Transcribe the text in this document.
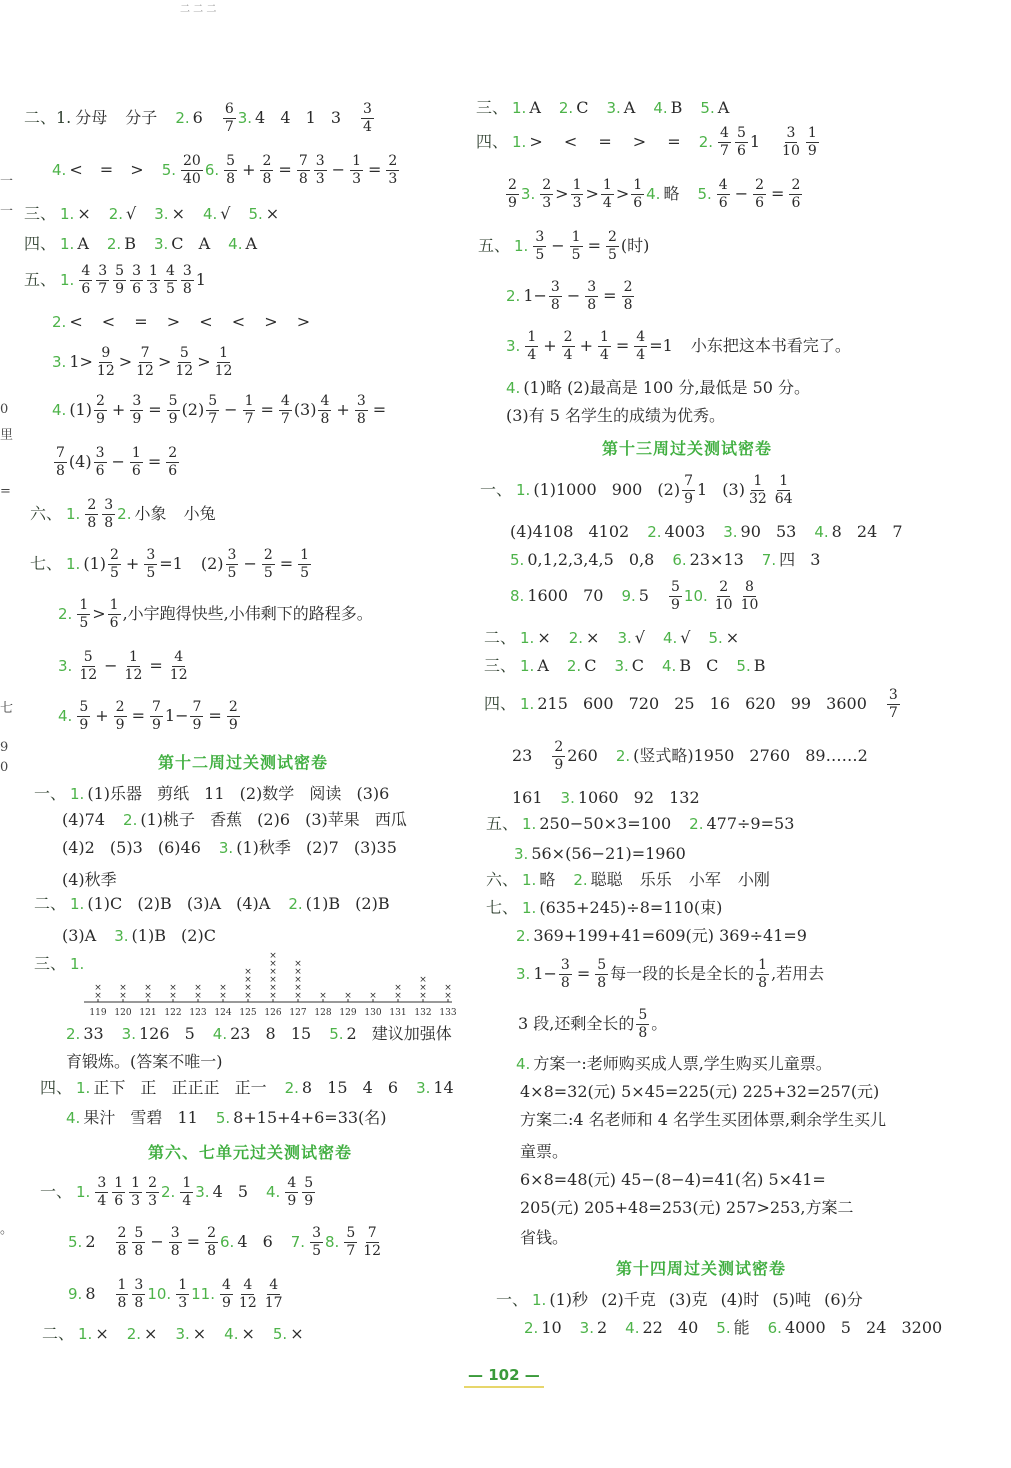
二 二 二
一
一
0
里
=
七
9
0
。
二、1. 分母 分子 2. $6 \frac{6}{7} 3$. 4 4 1 $3 \frac{3}{4}$
4. < = > 5. $\frac{20}{40} 6$. $\frac{5}{8} + \frac{2}{8} = \frac{7}{8} \frac{3}{3} - \frac{1}{3} = \frac{2}{3}$
三、 1. × 2. √ 3. × 4. √ 5. ×
四、 1. A 2. B 3. C A 4. A
五、 1. $\frac{4}{6} \frac{3}{7} \frac{5}{9} \frac{3}{6} \frac{1}{3} \frac{4}{5} \frac{3}{8} 1$
2. < < = > < < > >
3. $1> \frac{9}{12} > \frac{7}{12} > \frac{5}{12} > \frac{1}{12}$
4. $(1) \frac{2}{9} + \frac{3}{9} = \frac{5}{9} (2) \frac{5}{7} - \frac{1}{7} = \frac{4}{7} (3) \frac{4}{8} + \frac{3}{8}$ =
$\frac{7}{8} (4) \frac{3}{6} - \frac{1}{6} = \frac{2}{6}$
六、 1. $\frac{2}{8} \frac{3}{8} 2$. 小象 小兔
七、 1. $(1) \frac{2}{5} + \frac{3}{5} =1$ $(2) \frac{3}{5} - \frac{2}{5} = \frac{1}{5}$
2. $\frac{1}{5} > \frac{1}{6}$ ,小宇跑得快些,小伟剩下的路程多。
3. $\frac{5}{12} - \frac{1}{12} = \frac{4}{12}$
4. $\frac{5}{9} + \frac{2}{9} = \frac{7}{9} 1- \frac{7}{9} = \frac{2}{9}$
第十二周过关测试密卷
一、 1. (1)乐器 剪纸 11 (2)数学 阅读 (3)6
(4)74 2. (1)桃子 香蕉 (2)6 (3)苹果 西瓜
(4)2 (5)3 (6)46 3. (1)秋季 (2)7 (3)35
(4)秋季
二、 1. (1)C (2)B (3)A (4)A 2. (1)B (2)B
(3)A 3. (1)B (2)C
三、 1.
119
×
×
120
×
×
121
×
×
122
×
×
123
×
×
124
×
×
125
×
×
×
×
126
×
×
×
×
×
×
127
×
×
×
×
×
128
×
129
×
130
×
131
×
×
132
×
×
×
133
×
×
2. 33 3. 126 5 4. 23 8 15 5. 2 建议加强体
育锻炼。(答案不唯一)
四、 1. 正下 正 正正正 正一 2. 8 15 4 6 3. 14
4. 果汁 雪碧 11 5. 8+15+4+6=33(名)
第六、七单元过关测试密卷
一、 1. $\frac{3}{4} \frac{1}{6} \frac{1}{3} \frac{2}{3} 2$. $\frac{1}{4} 3$. 4 5 4. $\frac{4}{9} \frac{5}{9}$
5. $2 \frac{2}{8} \frac{5}{8} - \frac{3}{8} = \frac{2}{8} 6$. 4 6 7. $\frac{3}{5} 8$. $\frac{5}{7} \frac{7}{12}$
9. $8 \frac{1}{8} \frac{3}{8} 10$. $\frac{1}{3} 11$. $\frac{4}{9} \frac{4}{12} \frac{4}{17}$
二、 1. × 2. × 3. × 4. × 5. ×
三、 1. A 2. C 3. A 4. B 5. A
四、 1. > < = > = 2. $\frac{4}{7} \frac{5}{6} 1 \frac{3}{10} \frac{1}{9}$
$\frac{2}{9} 3$. $\frac{2}{3} > \frac{1}{3} > \frac{1}{4} > \frac{1}{6} 4$. 略 5. $\frac{4}{6} - \frac{2}{6} = \frac{2}{6}$
五、 1. $\frac{3}{5} - \frac{1}{5} = \frac{2}{5}$ (时)
2. $1- \frac{3}{8} - \frac{3}{8} = \frac{2}{8}$
3. $\frac{1}{4} + \frac{2}{4} + \frac{1}{4} = \frac{4}{4} =1$ 小东把这本书看完了。
4. (1)略 (2)最高是 100 分,最低是 50 分。
(3)有 5 名学生的成绩为优秀。
第十三周过关测试密卷
一、 1. (1)1000 900 $(2) \frac{7}{9} 1$ $(3) \frac{1}{32} \frac{1}{64}$
(4)4108 4102 2. 4003 3. 90 53 4. 8 24 7
5. 0,1,2,3,4,5 0,8 6. 23×13 7. 四 3
8. 1600 70 9. $5 \frac{5}{9} 10$. $\frac{2}{10} \frac{8}{10}$
二、 1. × 2. × 3. √ 4. √ 5. ×
三、 1. A 2. C 3. C 4. B C 5. B
四、 1. 215 600 720 25 16 620 99 $3600 \frac{3}{7}$
$23 \frac{2}{9} 260$ 2. (竖式略)1950 2760 89……2
161 3. 1060 92 132
五、 1. 250−50×3=100 2. 477÷9=53
3. 56×(56−21)=1960
六、 1. 略 2. 聪聪 乐乐 小军 小刚
七、 1. (635+245)÷8=110(束)
2. 369+199+41=609(元) 369÷41=9
3. $1- \frac{3}{8} = \frac{5}{8}$ 每一段的长是全长的 $\frac{1}{8}$ ,若用去
3 段,还剩全长的 $\frac{5}{8}$ 。
4. 方案一:老师购买成人票,学生购买儿童票。
4×8=32(元) 5×45=225(元) 225+32=257(元)
方案二:4 名老师和 4 名学生买团体票,剩余学生买儿
童票。
6×8=48(元) 45−(8−4)=41(名) 5×41=
205(元) 205+48=253(元) 257>253,方案二
省钱。
第十四周过关测试密卷
一、 1. (1)秒 (2)千克 (3)克 (4)时 (5)吨 (6)分
2. 10 3. 2 4. 22 40 5. 能 6. 4000 5 24 3200
— 102 —
